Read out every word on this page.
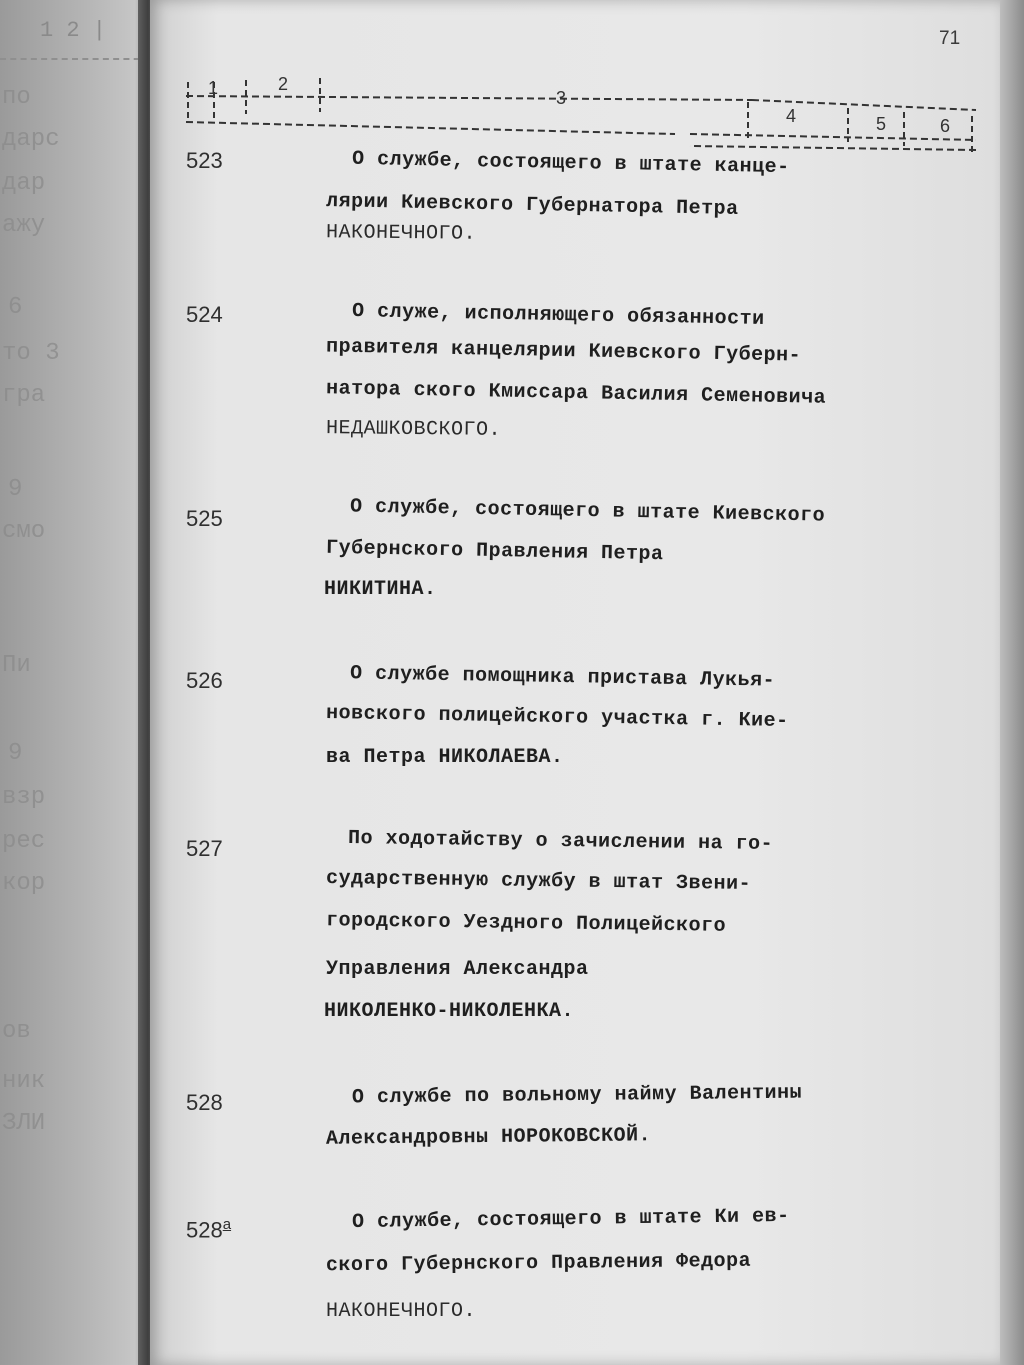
1 2 |
по
дарс
дар
ажу
6
то 3
гра
9
смо
Пи
9
взр
рес
кор
ов
ник
ЗЛИ
71
1	2
3
4	5	6
523	О службе, состоящего в штате канце-
лярии Киевского Губернатора Петра
НАКОНЕЧНОГО.
524	О служе, исполняющего обязанности
правителя канцелярии Киевского Губерн-
натора ского Кмиссара Василия Семеновича
НЕДАШКОВСКОГО.
525	О службе, состоящего в штате Киевского
Губернского Правления Петра
НИКИТИНА.
526	О службе помощника пристава Лукья-
новского полицейского участка г. Кие-
ва Петра НИКОЛАЕВА.
527	По ходотайству о зачислении на го-
сударственную службу в штат Звени-
городского Уездного Полицейского
Управления Александра
НИКОЛЕНКО-НИКОЛЕНКА.
528	О службе по вольному найму Валентины
Александровны НОРОКОВСКОЙ.
$528^а$	О службе, состоящего в штате Ки ев-
ского Губернского Правления Федора
НАКОНЕЧНОГО.
